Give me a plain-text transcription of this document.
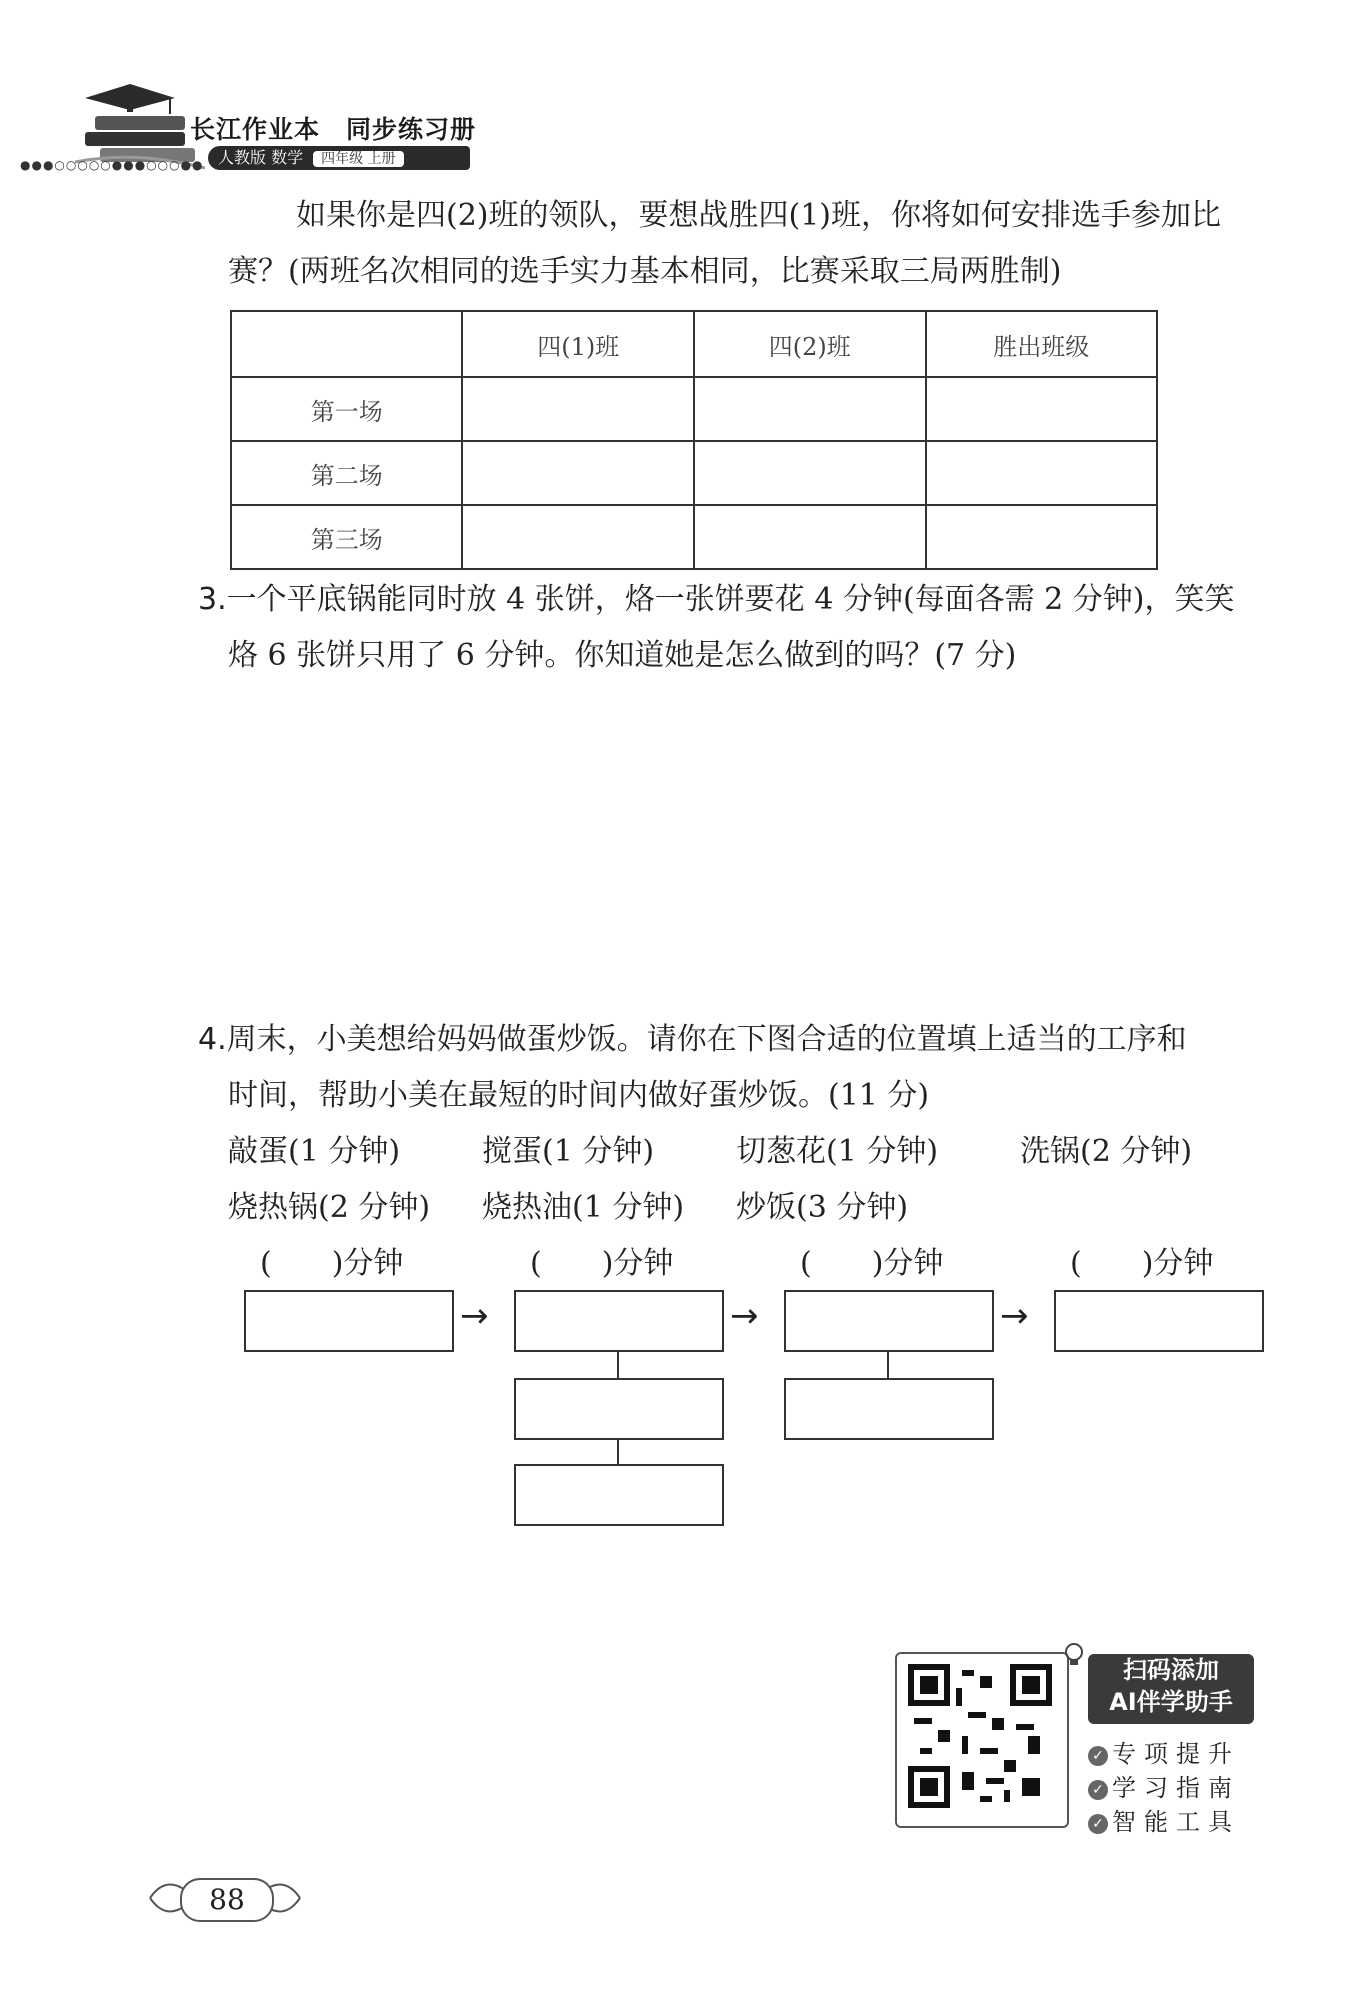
长江作业本　同步练习册
人教版 数学 四年级 上册
●●●○○○○○●●●○○○●●
如果你是四(2)班的领队，要想战胜四(1)班，你将如何安排选手参加比
赛？(两班名次相同的选手实力基本相同，比赛采取三局两胜制)
	四(1)班	四(2)班	胜出班级
第一场			
第二场			
第三场			
3.一个平底锅能同时放 4 张饼，烙一张饼要花 4 分钟(每面各需 2 分钟)，笑笑
烙 6 张饼只用了 6 分钟。你知道她是怎么做到的吗？(7 分)
4.周末，小美想给妈妈做蛋炒饭。请你在下图合适的位置填上适当的工序和
时间，帮助小美在最短的时间内做好蛋炒饭。(11 分)
敲蛋(1 分钟)	搅蛋(1 分钟)	切葱花(1 分钟)	洗锅(2 分钟)
烧热锅(2 分钟) 烧热油(1 分钟) 炒饭(3 分钟)
(　　)分钟	(　　)分钟	(　　)分钟	(　　)分钟
→	→	→
扫码添加
AI伴学助手
✓ 专项提升
✓ 学习指南
✓ 智能工具
88
